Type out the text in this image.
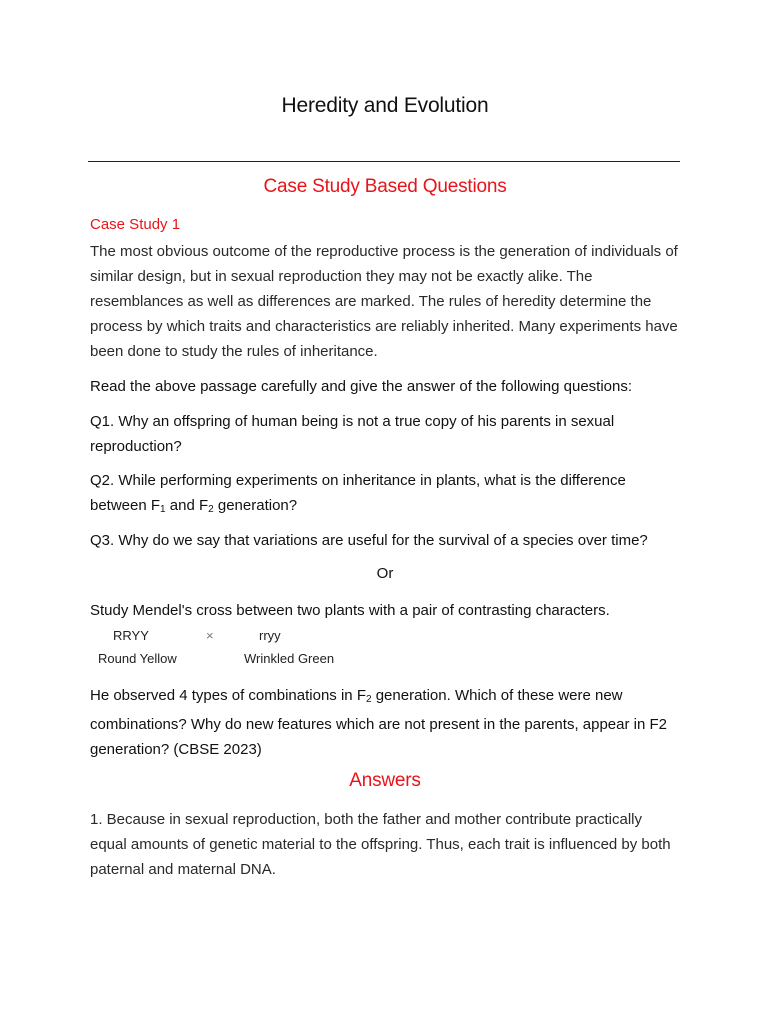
Heredity and Evolution
Case Study Based Questions
Case Study 1
The most obvious outcome of the reproductive process is the generation of individuals of similar design, but in sexual reproduction they may not be exactly alike. The resemblances as well as differences are marked. The rules of heredity determine the process by which traits and characteristics are reliably inherited. Many experiments have been done to study the rules of inheritance.
Read the above passage carefully and give the answer of the following questions:
Q1. Why an offspring of human being is not a true copy of his parents in sexual reproduction?
Q2. While performing experiments on inheritance in plants, what is the difference between $F_1$ and $F_2$ generation?
Q3. Why do we say that variations are useful for the survival of a species over time?
Or
Study Mendel's cross between two plants with a pair of contrasting characters.
RRYY	×	rryy
Round Yellow	Wrinkled Green
He observed 4 types of combinations in $F_2$ generation. Which of these were new combinations? Why do new features which are not present in the parents, appear in F2 generation? (CBSE 2023)
Answers
1. Because in sexual reproduction, both the father and mother contribute practically equal amounts of genetic material to the offspring. Thus, each trait is influenced by both paternal and maternal DNA.
